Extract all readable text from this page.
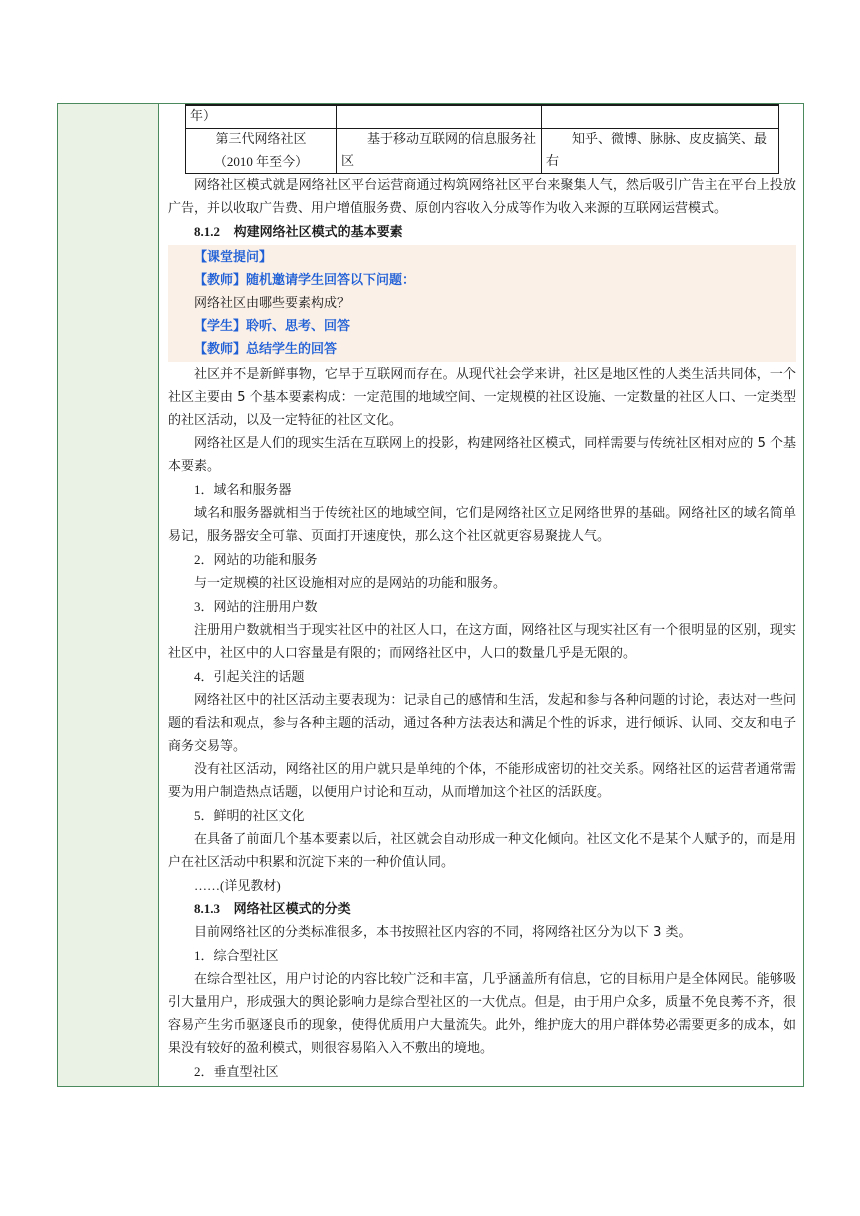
年）		

第三代网络社区
（2010 年至今）	基于移动互联网的信息服务社区	知乎、微博、脉脉、皮皮搞笑、最右

网络社区模式就是网络社区平台运营商通过构筑网络社区平台来聚集人气，然后吸引广告主在平台上投放广告，并以收取广告费、用户增值服务费、原创内容收入分成等作为收入来源的互联网运营模式。

8.1.2 构建网络社区模式的基本要素

【课堂提问】

【教师】随机邀请学生回答以下问题：

网络社区由哪些要素构成？

【学生】聆听、思考、回答

【教师】总结学生的回答

社区并不是新鲜事物，它早于互联网而存在。从现代社会学来讲，社区是地区性的人类生活共同体，一个社区主要由 5 个基本要素构成：一定范围的地域空间、一定规模的社区设施、一定数量的社区人口、一定类型的社区活动，以及一定特征的社区文化。

网络社区是人们的现实生活在互联网上的投影，构建网络社区模式，同样需要与传统社区相对应的 5 个基本要素。

1．域名和服务器

域名和服务器就相当于传统社区的地域空间，它们是网络社区立足网络世界的基础。网络社区的域名简单易记，服务器安全可靠、页面打开速度快，那么这个社区就更容易聚拢人气。

2．网站的功能和服务

与一定规模的社区设施相对应的是网站的功能和服务。

3．网站的注册用户数

注册用户数就相当于现实社区中的社区人口，在这方面，网络社区与现实社区有一个很明显的区别，现实社区中，社区中的人口容量是有限的；而网络社区中，人口的数量几乎是无限的。

4．引起关注的话题

网络社区中的社区活动主要表现为：记录自己的感情和生活，发起和参与各种问题的讨论，表达对一些问题的看法和观点，参与各种主题的活动，通过各种方法表达和满足个性的诉求，进行倾诉、认同、交友和电子商务交易等。

没有社区活动，网络社区的用户就只是单纯的个体，不能形成密切的社交关系。网络社区的运营者通常需要为用户制造热点话题，以便用户讨论和互动，从而增加这个社区的活跃度。

5．鲜明的社区文化

在具备了前面几个基本要素以后，社区就会自动形成一种文化倾向。社区文化不是某个人赋予的，而是用户在社区活动中积累和沉淀下来的一种价值认同。

……(详见教材)

8.1.3 网络社区模式的分类

目前网络社区的分类标准很多，本书按照社区内容的不同，将网络社区分为以下 3 类。

1．综合型社区

在综合型社区，用户讨论的内容比较广泛和丰富，几乎涵盖所有信息，它的目标用户是全体网民。能够吸引大量用户，形成强大的舆论影响力是综合型社区的一大优点。但是，由于用户众多，质量不免良莠不齐，很容易产生劣币驱逐良币的现象，使得优质用户大量流失。此外，维护庞大的用户群体势必需要更多的成本，如果没有较好的盈利模式，则很容易陷入入不敷出的境地。

2．垂直型社区
